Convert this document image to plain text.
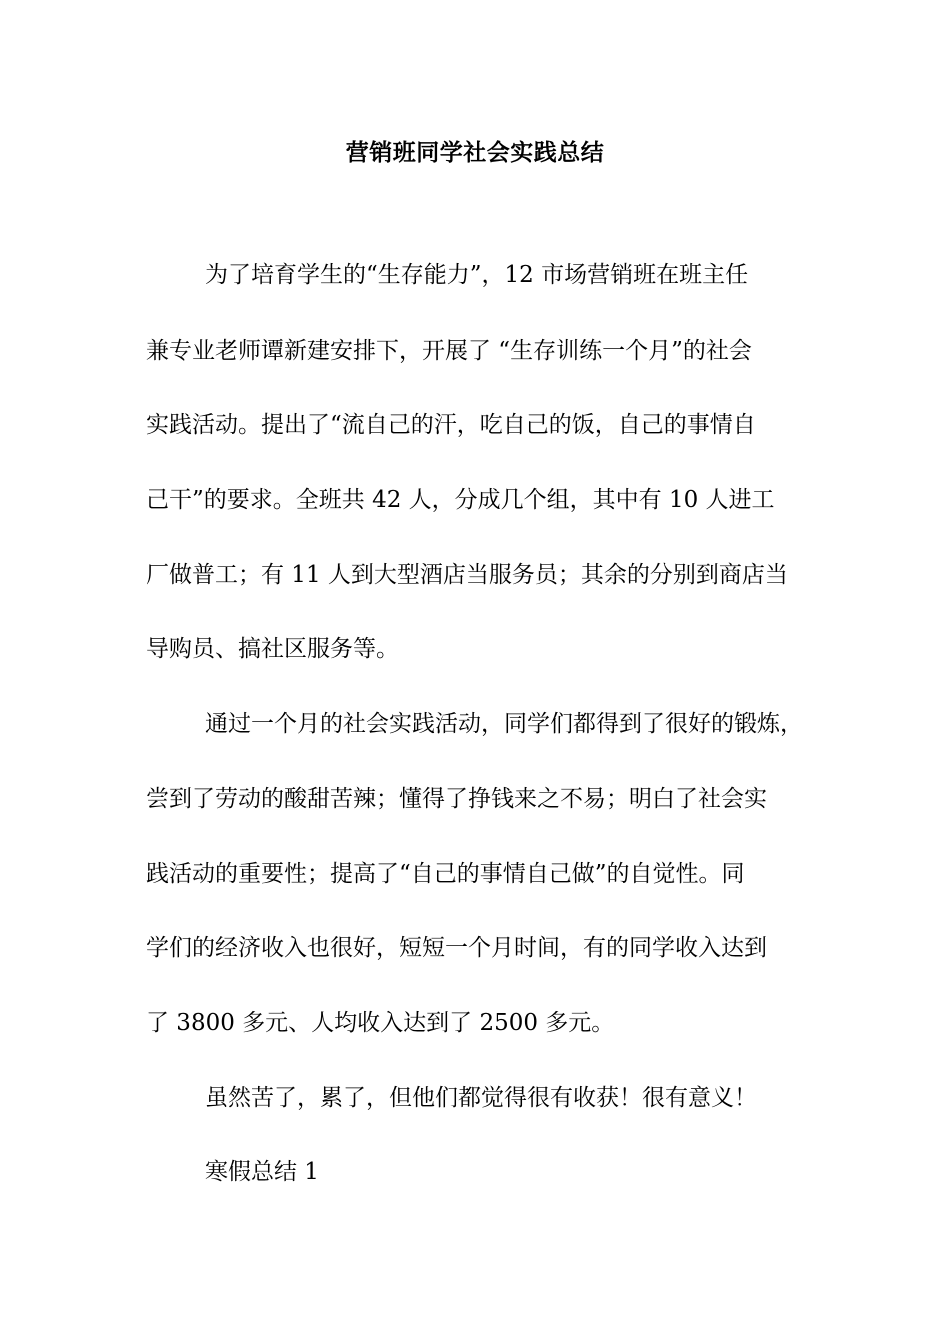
营销班同学社会实践总结
为了培育学生的“生存能力”，12 市场营销班在班主任
兼专业老师谭新建安排下，开展了 “生存训练一个月”的社会
实践活动。提出了“流自己的汗，吃自己的饭，自己的事情自
己干”的要求。全班共 42 人，分成几个组，其中有 10 人进工
厂做普工；有 11 人到大型酒店当服务员；其余的分别到商店当
导购员、搞社区服务等。
通过一个月的社会实践活动，同学们都得到了很好的锻炼，
尝到了劳动的酸甜苦辣；懂得了挣钱来之不易；明白了社会实
践活动的重要性；提高了“自己的事情自己做”的自觉性。同
学们的经济收入也很好，短短一个月时间，有的同学收入达到
了 3800 多元、人均收入达到了 2500 多元。
虽然苦了，累了，但他们都觉得很有收获！很有意义！
寒假总结 1
